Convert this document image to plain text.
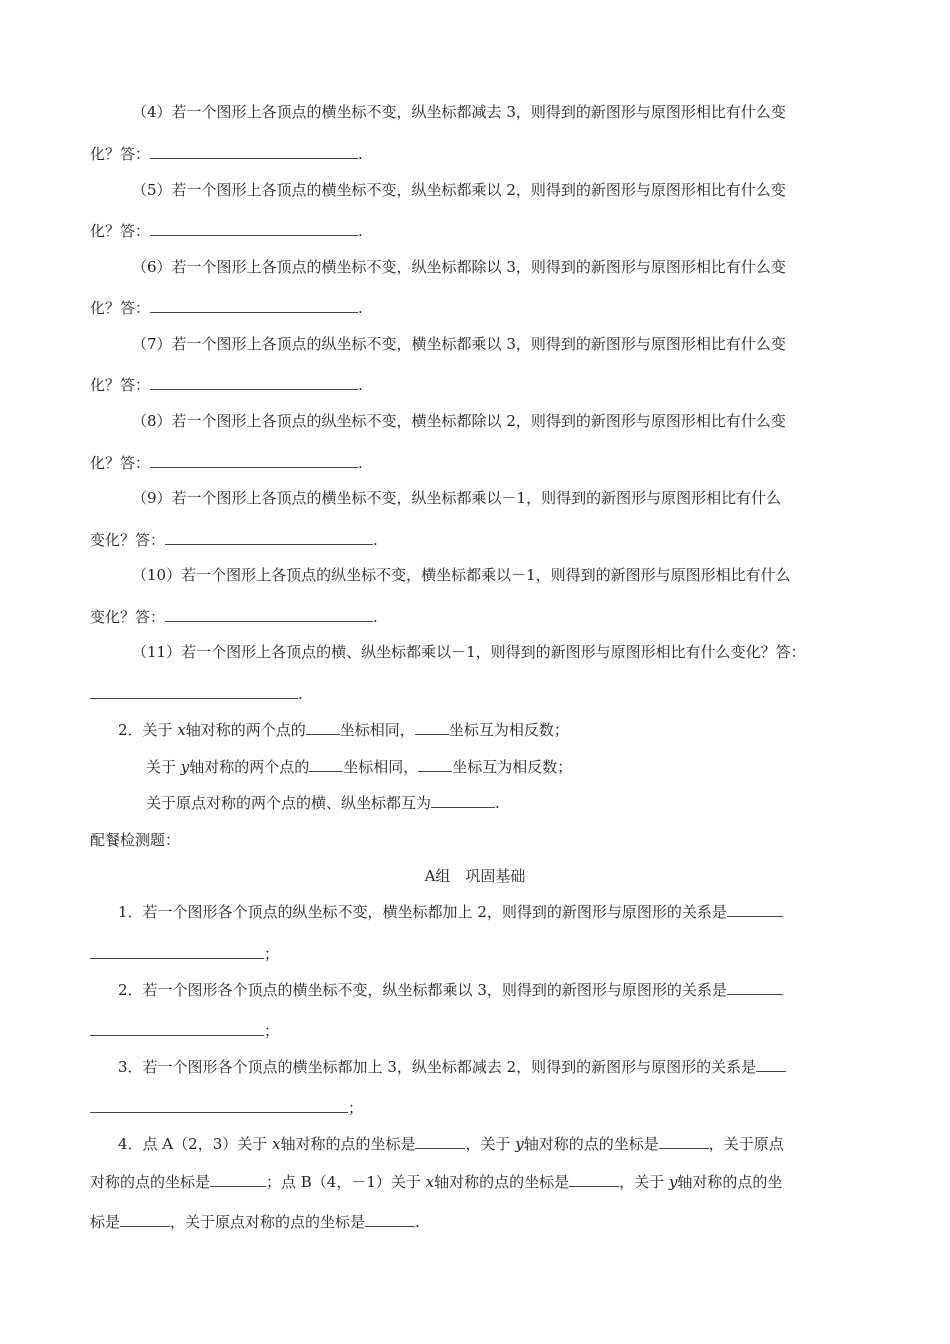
（4）若一个图形上各顶点的横坐标不变，纵坐标都减去 3，则得到的新图形与原图形相比有什么变
化？答：	.
（5）若一个图形上各顶点的横坐标不变，纵坐标都乘以 2，则得到的新图形与原图形相比有什么变
化？答：	.
（6）若一个图形上各顶点的横坐标不变，纵坐标都除以 3，则得到的新图形与原图形相比有什么变
化？答：	.
（7）若一个图形上各顶点的纵坐标不变，横坐标都乘以 3，则得到的新图形与原图形相比有什么变
化？答：	.
（8）若一个图形上各顶点的纵坐标不变，横坐标都除以 2，则得到的新图形与原图形相比有什么变
化？答：	.
（9）若一个图形上各顶点的横坐标不变，纵坐标都乘以－1，则得到的新图形与原图形相比有什么
变化？答：	.
（10）若一个图形上各顶点的纵坐标不变，横坐标都乘以－1，则得到的新图形与原图形相比有什么
变化？答：	.
（11）若一个图形上各顶点的横、纵坐标都乘以－1，则得到的新图形与原图形相比有什么变化？答：
.
2．关于 x轴对称的两个点的 坐标相同， 坐标互为相反数；
关于 y轴对称的两个点的 坐标相同， 坐标互为相反数；
关于原点对称的两个点的横、纵坐标都互为	.
配餐检测题：
A组　巩固基础
1．若一个图形各个顶点的纵坐标不变，横坐标都加上 2，则得到的新图形与原图形的关系是
；
2．若一个图形各个顶点的横坐标不变，纵坐标都乘以 3，则得到的新图形与原图形的关系是
；
3．若一个图形各个顶点的横坐标都加上 3，纵坐标都减去 2，则得到的新图形与原图形的关系是
；
4．点 A（2，3）关于 x轴对称的点的坐标是	，关于 y轴对称的点的坐标是	，关于原点
对称的点的坐标是	；点 B（4，－1）关于 x轴对称的点的坐标是	，关于 y轴对称的点的坐
标是	，关于原点对称的点的坐标是	.
